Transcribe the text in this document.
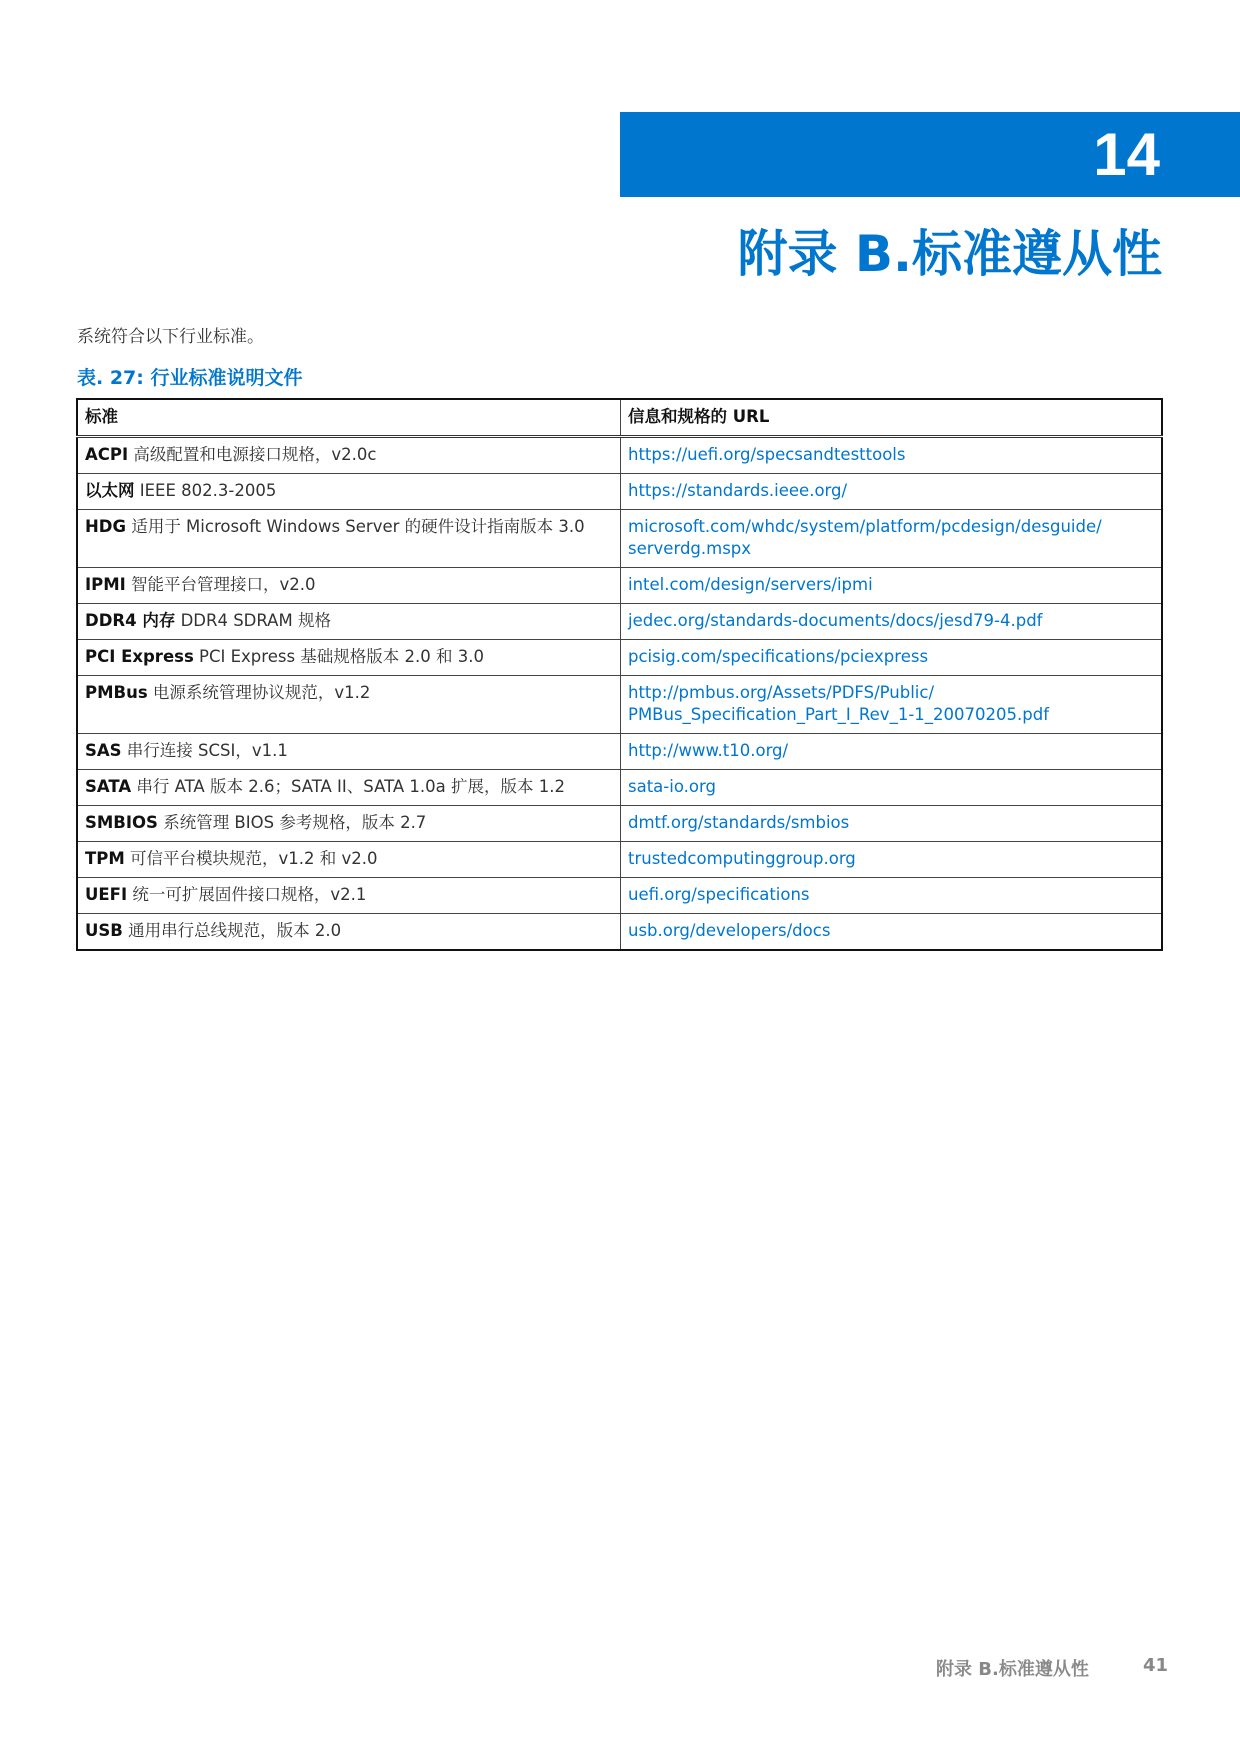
14
附录 B.标准遵从性
系统符合以下行业标准。
表. 27: 行业标准说明文件
标准	信息和规格的 URL
ACPI 高级配置和电源接口规格，v2.0c	https://uefi.org/specsandtesttools
以太网 IEEE 802.3-2005	https://standards.ieee.org/
HDG 适用于 Microsoft Windows Server 的硬件设计指南版本 3.0	microsoft.com/whdc/system/platform/pcdesign/desguide/
serverdg.mspx
IPMI 智能平台管理接口，v2.0	intel.com/design/servers/ipmi
DDR4 内存 DDR4 SDRAM 规格	jedec.org/standards-documents/docs/jesd79-4.pdf
PCI Express PCI Express 基础规格版本 2.0 和 3.0	pcisig.com/specifications/pciexpress
PMBus 电源系统管理协议规范，v1.2	http://pmbus.org/Assets/PDFS/Public/
PMBus_Specification_Part_I_Rev_1-1_20070205.pdf
SAS 串行连接 SCSI，v1.1	http://www.t10.org/
SATA 串行 ATA 版本 2.6；SATA II、SATA 1.0a 扩展，版本 1.2	sata-io.org
SMBIOS 系统管理 BIOS 参考规格，版本 2.7	dmtf.org/standards/smbios
TPM 可信平台模块规范，v1.2 和 v2.0	trustedcomputinggroup.org
UEFI 统一可扩展固件接口规格，v2.1	uefi.org/specifications
USB 通用串行总线规范，版本 2.0	usb.org/developers/docs
附录 B.标准遵从性	41
